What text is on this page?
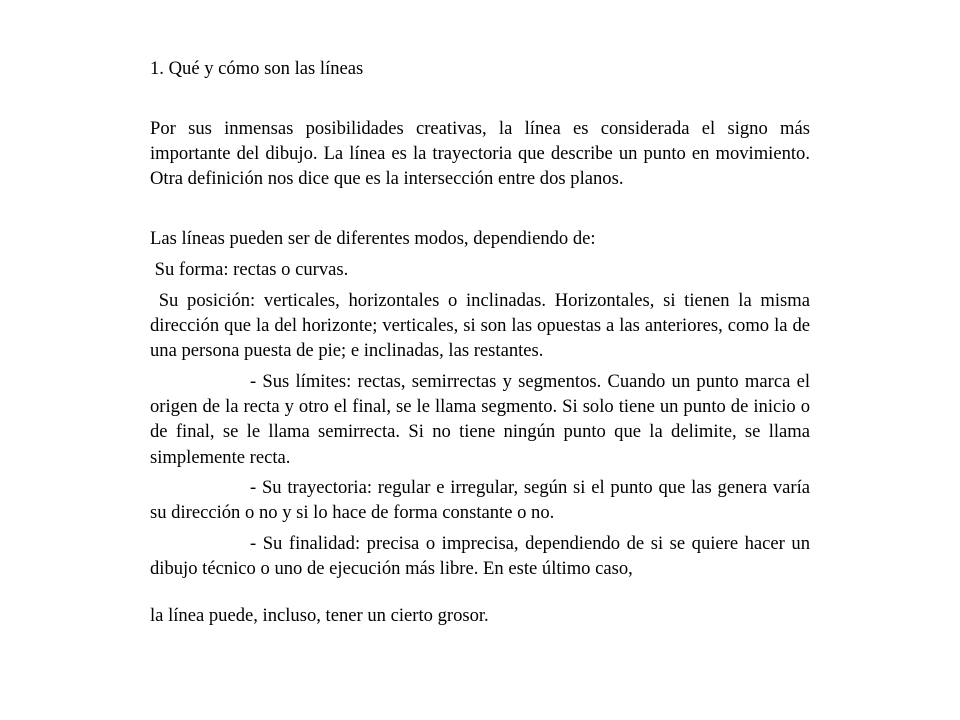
1. Qué y cómo son las líneas
Por sus inmensas posibilidades creativas, la línea es considerada el signo más importante del dibujo. La línea es la trayectoria que describe un punto en movimiento. Otra definición nos dice que es la intersección entre dos planos.
Las líneas pueden ser de diferentes modos, dependiendo de:
Su forma: rectas o curvas.
Su posición: verticales, horizontales o inclinadas. Horizontales, si tienen la misma dirección que la del horizonte; verticales, si son las opuestas a las anteriores, como la de una persona puesta de pie; e inclinadas, las restantes.
- Sus límites: rectas, semirrectas y segmentos. Cuando un punto marca el origen de la recta y otro el final, se le llama segmento. Si solo tiene un punto de inicio o de final, se le llama semirrecta. Si no tiene ningún punto que la delimite, se llama simplemente recta.
- Su trayectoria: regular e irregular, según si el punto que las genera varía su dirección o no y si lo hace de forma constante o no.
- Su finalidad: precisa o imprecisa, dependiendo de si se quiere hacer un dibujo técnico o uno de ejecución más libre. En este último caso,
la línea puede, incluso, tener un cierto grosor.
